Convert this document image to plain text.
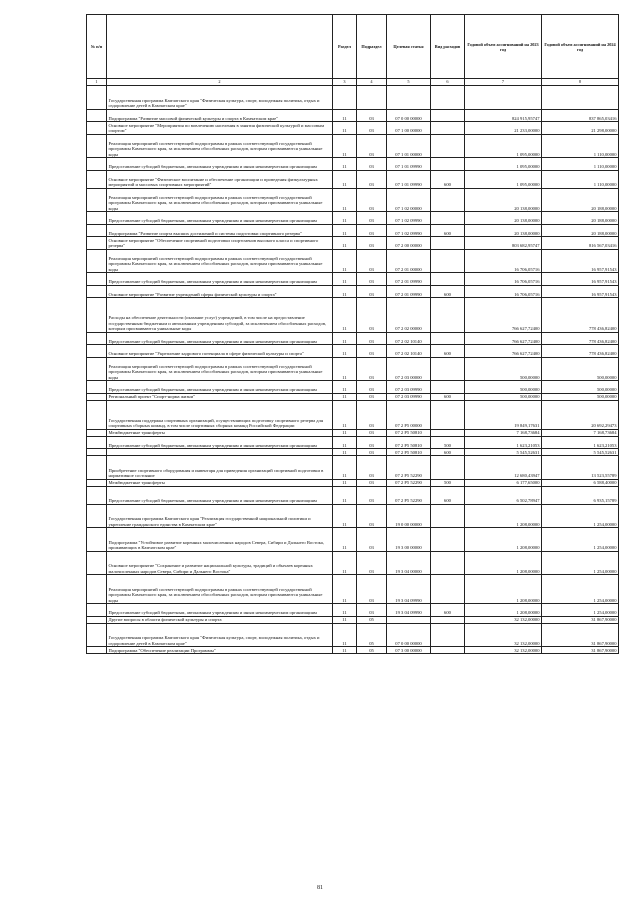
№ п/п		Раздел	Подраздел	Целевая статья	Вид расходов	Годовой объем ассигнований на 2023 год	Годовой объем ассигнований на 2024 год
1	2	3	4	5	6	7	8
	Государственная программа Камчатского края "Физическая культура, спорт, молодежная политика, отдых и оздоровление детей в Камчатском крае"						
	Подпрограмма "Развитие массовой физической культуры и спорта в Камчатском крае"	11	03	07 0 00 00000		824 915,95747	837 865,03416
	Основное мероприятие "Мероприятия по вовлечению населения в занятия физической культурой и массовым спортом"	11	03	07 1 00 00000		21 233,00000	21 298,00000
	Реализация мероприятий соответствующей подпрограммы в рамках соответствующей государственной программы Камчатского края, за исключением обособленных расходов, которым присваиваются уникальные коды	11	03	07 1 01 00000		1 095,00000	1 110,00000
	Предоставление субсидий бюджетным, автономным учреждениям и иным некоммерческим организациям	11	03	07 1 01 09990		1 095,00000	1 110,00000
	Основное мероприятие "Физическое воспитание и обеспечение организации и проведения физкультурных мероприятий и массовых спортивных мероприятий"	11	03	07 1 01 09990	600	1 095,00000	1 110,00000
	Реализация мероприятий соответствующей подпрограммы в рамках соответствующей государственной программы Камчатского края, за исключением обособленных расходов, которым присваиваются уникальные коды	11	03	07 1 02 00000		20 138,00000	20 188,00000
	Предоставление субсидий бюджетным, автономным учреждениям и иным некоммерческим организациям	11	03	07 1 02 09990		20 138,00000	20 188,00000
	Подпрограмма "Развитие спорта высших достижений и системы подготовки спортивного резерва"	11	03	07 1 02 09990	600	20 138,00000	20 188,00000
	Основное мероприятие "Обеспечение спортивной подготовки спортсменов высокого класса и спортивного резерва"	11	03	07 2 00 00000		803 682,95747	816 567,03416
	Реализация мероприятий соответствующей подпрограммы в рамках соответствующей государственной программы Камчатского края, за исключением обособленных расходов, которым присваиваются уникальные коды	11	03	07 2 01 00000		16 706,05716	16 957,91543
	Предоставление субсидий бюджетным, автономным учреждениям и иным некоммерческим организациям	11	03	07 2 01 09990		16 706,05716	16 957,91543
	Основное мероприятие "Развитие учреждений сферы физической культуры и спорта"	11	03	07 2 01 09990	600	16 706,05716	16 957,91543
	Расходы на обеспечение деятельности (оказание услуг) учреждений, в том числе на предоставление государственным бюджетным и автономным учреждениям субсидий, за исключением обособленных расходов, которым присваиваются уникальные коды	11	03	07 2 02 00000		766 627,72400	778 436,82400
	Предоставление субсидий бюджетным, автономным учреждениям и иным некоммерческим организациям	11	03	07 2 02 10140		766 627,72400	778 436,82400
	Основное мероприятие "Укрепление кадрового потенциала в сфере физической культуры и спорта"	11	03	07 2 02 10140	600	766 627,72400	778 436,82400
	Реализация мероприятий соответствующей подпрограммы в рамках соответствующей государственной программы Камчатского края, за исключением обособленных расходов, которым присваиваются уникальные коды	11	03	07 2 03 00000		500,00000	500,00000
	Предоставление субсидий бюджетным, автономным учреждениям и иным некоммерческим организациям	11	03	07 2 03 09990		500,00000	500,00000
	Региональный проект "Спорт-норма жизни"	11	03	07 2 03 09990	600	500,00000	500,00000
	Государственная поддержка спортивных организаций, осуществляющих подготовку спортивного резерва для спортивных сборных команд, в том числе спортивных сборных команд Российской Федерации	11	03	07 2 P5 00000		19 849,17631	20 692,29473
	Межбюджетные трансферты	11	03	07 2 P5 50810		7 168,73684	7 168,73684
	Предоставление субсидий бюджетным, автономным учреждениям и иным некоммерческим организациям	11	03	07 2 P5 50810	500	1 623,21053	1 623,21053
		11	03	07 2 P5 50810	600	5 545,52631	5 545,52631
	Приобретение спортивного оборудования и инвентаря для приведения организаций спортивной подготовки в нормативное состояние	11	03	07 2 P5 52290		12 680,43947	13 523,55789
	Межбюджетные трансферты	11	03	07 2 P5 52290	500	6 177,65000	6 588,40000
	Предоставление субсидий бюджетным, автономным учреждениям и иным некоммерческим организациям	11	03	07 2 P5 52290	600	6 502,78947	6 935,15789
	Государственная программа Камчатского края "Реализация государственной национальной политики и укрепление гражданского единства в Камчатском крае"	11	03	19 0 00 00000		1 208,00000	1 254,00000
	Подпрограмма "Устойчивое развитие коренных малочисленных народов Севера, Сибири и Дальнего Востока, проживающих в Камчатском крае"	11	03	19 3 00 00000		1 208,00000	1 254,00000
	Основное мероприятие "Сохранение и развитие национальной культуры, традиций и обычаев коренных малочисленных народов Севера, Сибири и Дальнего Востока"	11	03	19 3 04 00000		1 208,00000	1 254,00000
	Реализация мероприятий соответствующей подпрограммы в рамках соответствующей государственной программы Камчатского края, за исключением обособленных расходов, которым присваиваются уникальные коды	11	03	19 3 04 09990		1 208,00000	1 254,00000
	Предоставление субсидий бюджетным, автономным учреждениям и иным некоммерческим организациям	11	03	19 3 04 09990	600	1 208,00000	1 254,00000
	Другие вопросы в области физической культуры и спорта	11	05			32 132,00000	31 867,90000
	Государственная программа Камчатского края "Физическая культура, спорт, молодежная политика, отдых и оздоровление детей в Камчатском крае"	11	05	07 0 00 00000		32 132,00000	31 867,90000
	Подпрограмма "Обеспечение реализации Программы"	11	05	07 3 00 00000		32 132,00000	31 867,90000
81
